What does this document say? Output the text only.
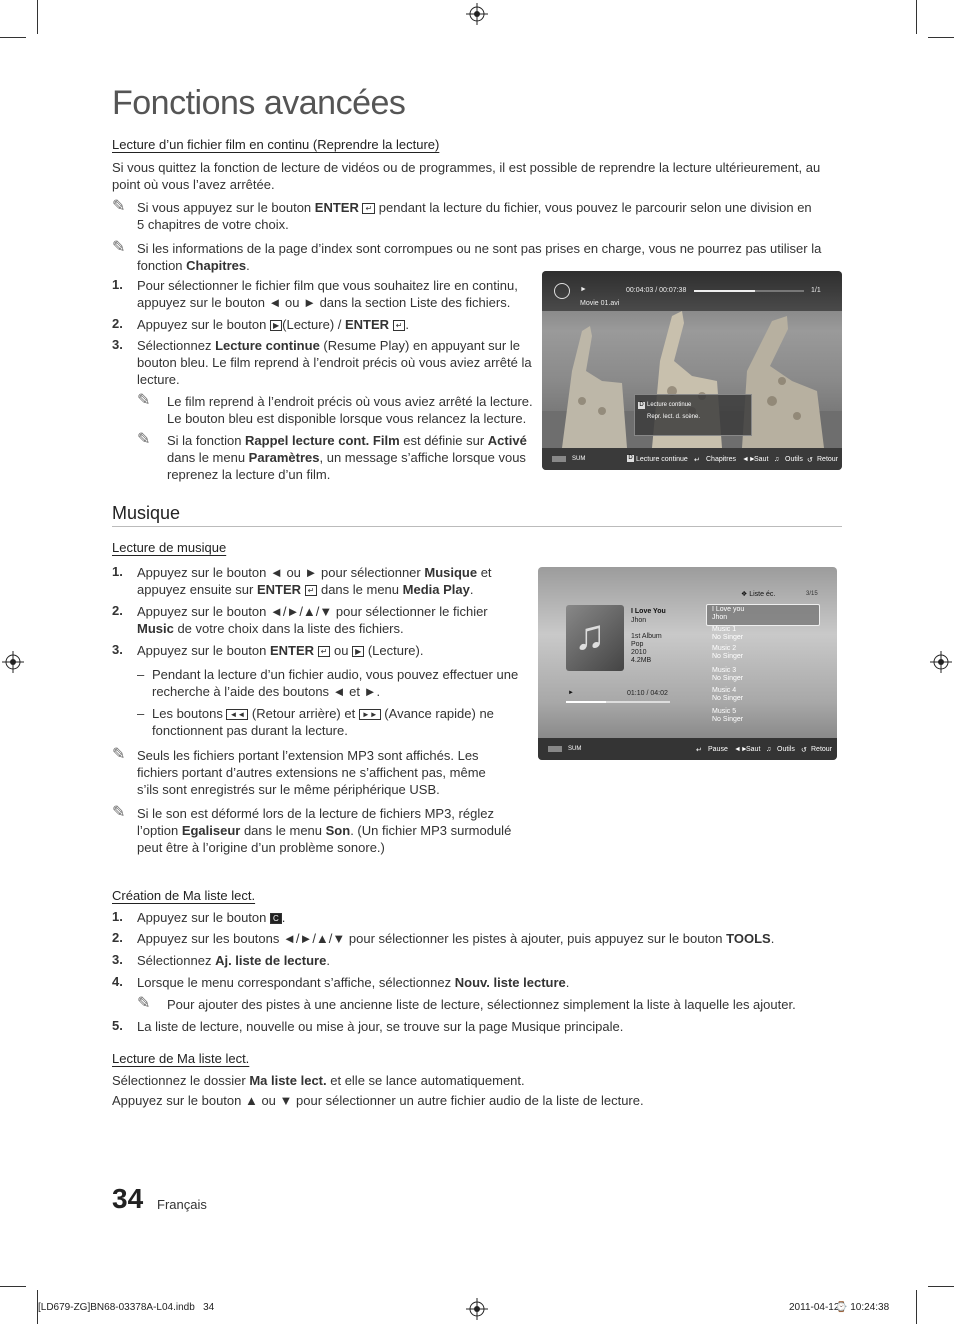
Fonctions avancées
Lecture d’un fichier film en continu (Reprendre la lecture)
Si vous quittez la fonction de lecture de vidéos ou de programmes, il est possible de reprendre la lecture ultérieurement, au point où vous l’avez arrêtée.
✎ Si vous appuyez sur le bouton ENTER ↵ pendant la lecture du fichier, vous pouvez le parcourir selon une division en
5 chapitres de votre choix.
✎ Si les informations de la page d’index sont corrompues ou ne sont pas prises en charge, vous ne pourrez pas utiliser la
fonction Chapitres.
1. Pour sélectionner le fichier film que vous souhaitez lire en continu,
appuyez sur le bouton ◄ ou ► dans la section Liste des fichiers.
2. Appuyez sur le bouton ▶ (Lecture) / ENTER ↵ .
3. Sélectionnez Lecture continue (Resume Play) en appuyant sur le
bouton bleu. Le film reprend à l’endroit précis où vous aviez arrêté la
lecture.
✎ Le film reprend à l’endroit précis où vous aviez arrêté la lecture.
Le bouton bleu est disponible lorsque vous relancez la lecture.
✎ Si la fonction Rappel lecture cont. Film est définie sur Activé
dans le menu Paramètres, un message s’affiche lorsque vous
reprenez la lecture d’un film.
►	00:04:03 / 00:07:38	1/1
Movie 01.avi
D Lecture continue
Repr. lect. d. scène.
SUM	D Lecture continue ↵ Chapitres ◄►
Saut ♫ Outils ↺ Retour
Musique
Lecture de musique
1. Appuyez sur le bouton ◄ ou ► pour sélectionner Musique et
appuyez ensuite sur ENTER ↵ dans le menu Media Play.
2. Appuyez sur le bouton ◄/►/▲/▼ pour sélectionner le fichier
Music de votre choix dans la liste des fichiers.
3. Appuyez sur le bouton ENTER ↵ ou ▶ (Lecture).
– Pendant la lecture d’un fichier audio, vous pouvez effectuer une
recherche à l’aide des boutons ◄ et ►.
– Les boutons ◄◄ (Retour arrière) et ►► (Avance rapide) ne
fonctionnent pas durant la lecture.
✎ Seuls les fichiers portant l’extension MP3 sont affichés. Les
fichiers portant d’autres extensions ne s’affichent pas, même
s’ils sont enregistrés sur le même périphérique USB.
✎ Si le son est déformé lors de la lecture de fichiers MP3, réglez
l’option Egaliseur dans le menu Son. (Un fichier MP3 surmodulé
peut être à l’origine d’un problème sonore.)
♫	I Love You
Jhon
1st Album
Pop
2010
4.2MB
►	01:10 / 04:02
❖ Liste éc.	3/15
SUM	↵ Pause ◄►
Saut ♫ Outils ↺ Retour
I Love you
Jhon
Music 1
No Singer
Music 2
No Singer
Music 3
No Singer
Music 4
No Singer
Music 5
No Singer
Création de Ma liste lect.
1. Appuyez sur le bouton C .
2. Appuyez sur les boutons ◄/►/▲/▼ pour sélectionner les pistes à ajouter, puis appuyez sur le bouton TOOLS.
3. Sélectionnez Aj. liste de lecture.
4. Lorsque le menu correspondant s’affiche, sélectionnez Nouv. liste lecture.
✎ Pour ajouter des pistes à une ancienne liste de lecture, sélectionnez simplement la liste à laquelle les ajouter.
5. La liste de lecture, nouvelle ou mise à jour, se trouve sur la page Musique principale.
Lecture de Ma liste lect.
Sélectionnez le dossier Ma liste lect. et elle se lance automatiquement.
Appuyez sur le bouton ▲ ou ▼ pour sélectionner un autre fichier audio de la liste de lecture.
34 Français
[LD679-ZG]BN68-03378A-L04.indb   34	2011-04-12
⌚ 10:24:38
